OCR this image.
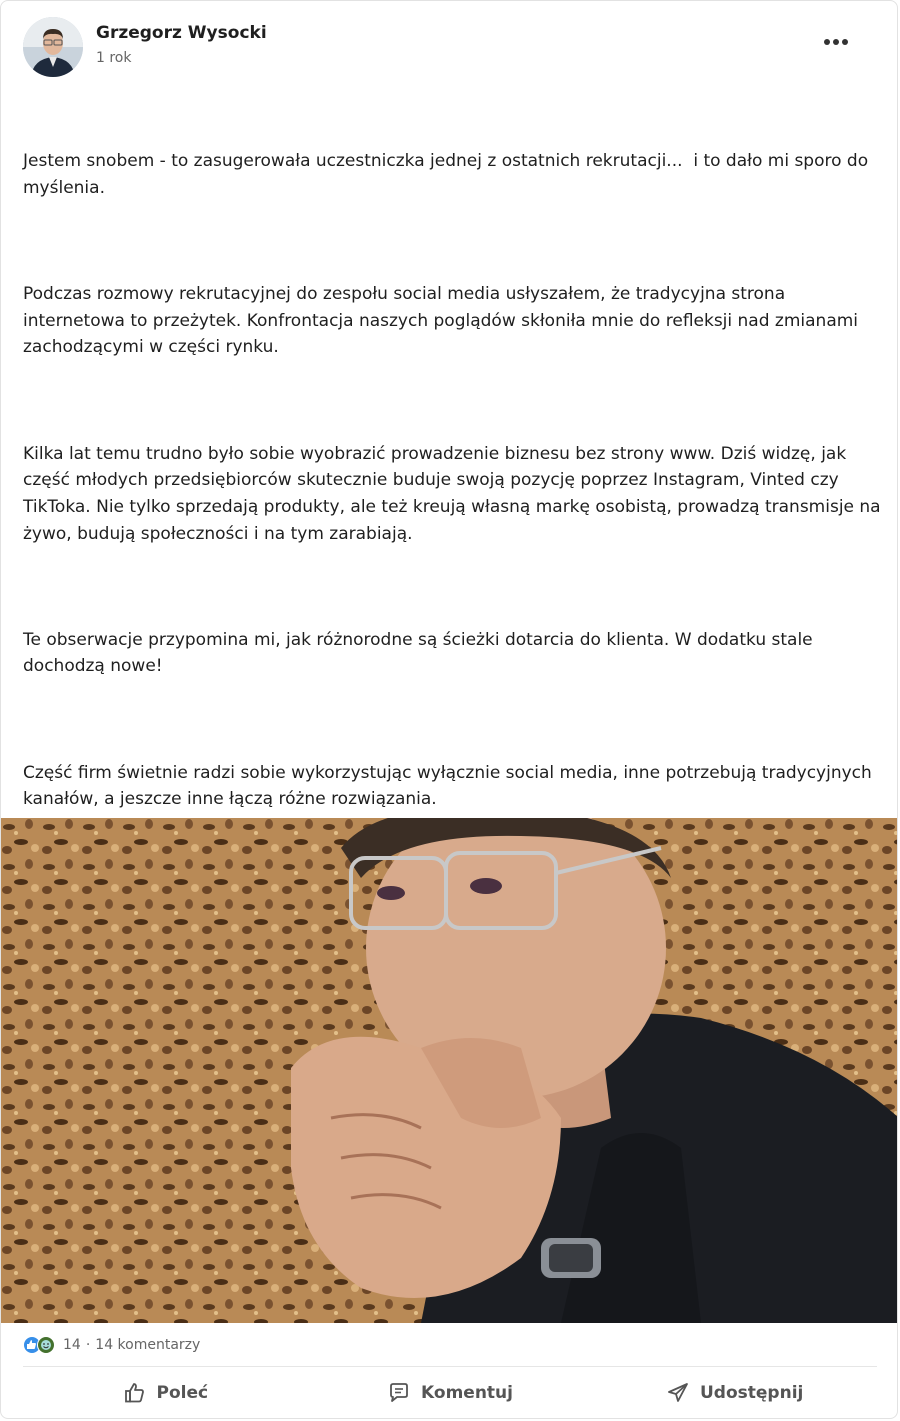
Grzegorz Wysocki
1 rok

Jestem snobem - to zasugerowała uczestniczka jednej z ostatnich rekrutacji...  i to dało mi sporo do myślenia.

Podczas rozmowy rekrutacyjnej do zespołu social media usłyszałem, że tradycyjna strona internetowa to przeżytek. Konfrontacja naszych poglądów skłoniła mnie do refleksji nad zmianami zachodzącymi w części rynku.

Kilka lat temu trudno było sobie wyobrazić prowadzenie biznesu bez strony www. Dziś widzę, jak część młodych przedsiębiorców skutecznie buduje swoją pozycję poprzez Instagram, Vinted czy TikToka. Nie tylko sprzedają produkty, ale też kreują własną markę osobistą, prowadzą transmisje na żywo, budują społeczności i na tym zarabiają.

Te obserwacje przypomina mi, jak różnorodne są ścieżki dotarcia do klienta. W dodatku stale dochodzą nowe!

Część firm świetnie radzi sobie wykorzystując wyłącznie social media, inne potrzebują tradycyjnych kanałów, a jeszcze inne łączą różne rozwiązania.

14 · 14 komentarzy
Poleć	Komentuj	Udostępnij
